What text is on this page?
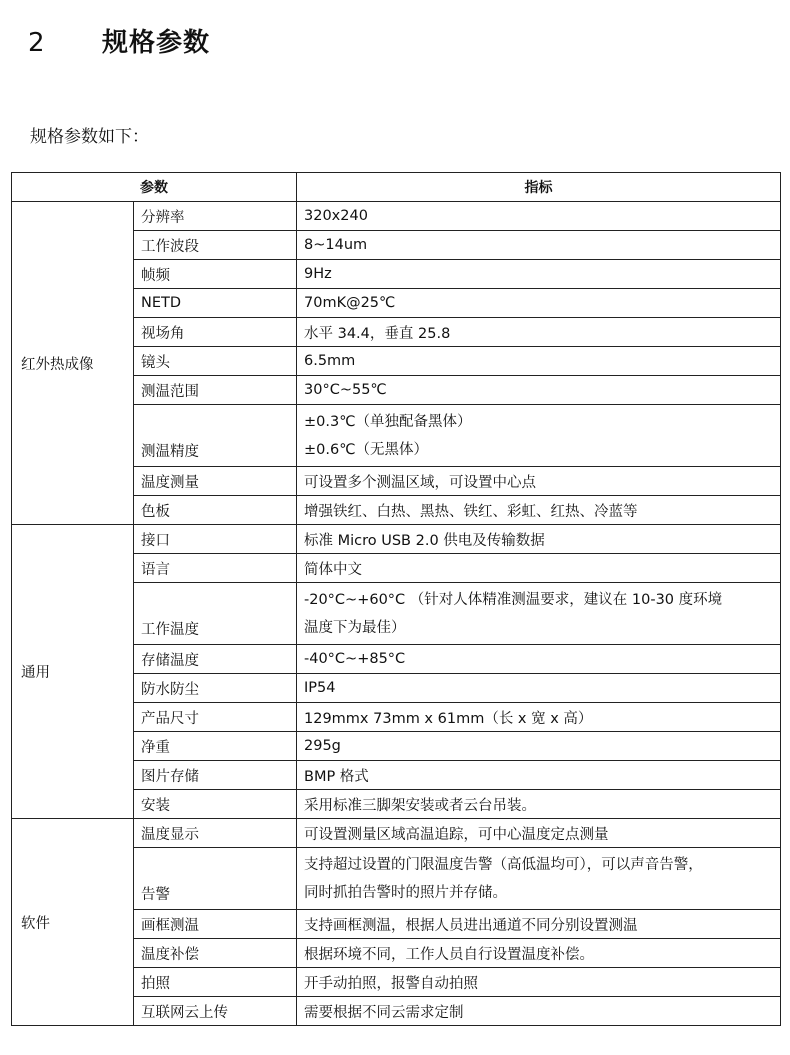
2	规格参数
规格参数如下：
参数		指标
红外热成像	分辨率	320x240
	工作波段	8~14um
	帧频	9Hz
	NETD	70mK@25℃
	视场角	水平 34.4，垂直 25.8
	镜头	6.5mm
	测温范围	30°C~55℃
	测温精度	±0.3℃（单独配备黑体）
±0.6℃（无黑体）

	温度测量	可设置多个测温区域，可设置中心点
	色板	增强铁红、白热、黑热、铁红、彩虹、红热、冷蓝等
通用	接口	标准 Micro USB 2.0 供电及传输数据
	语言	简体中文
	工作温度	-20°C~+60°C （针对人体精准测温要求，建议在 10-30 度环境
温度下为最佳）

	存储温度	-40°C~+85°C
	防水防尘	IP54
	产品尺寸	129mmx 73mm x 61mm（长 x 宽 x 高）
	净重	295g
	图片存储	BMP 格式
	安装	采用标准三脚架安装或者云台吊装。
软件	温度显示	可设置测量区域高温追踪，可中心温度定点测量
	告警	支持超过设置的门限温度告警（高低温均可），可以声音告警，
同时抓拍告警时的照片并存储。

	画框测温	支持画框测温，根据人员进出通道不同分别设置测温
	温度补偿	根据环境不同，工作人员自行设置温度补偿。
	拍照	开手动拍照，报警自动拍照
	互联网云上传	需要根据不同云需求定制
